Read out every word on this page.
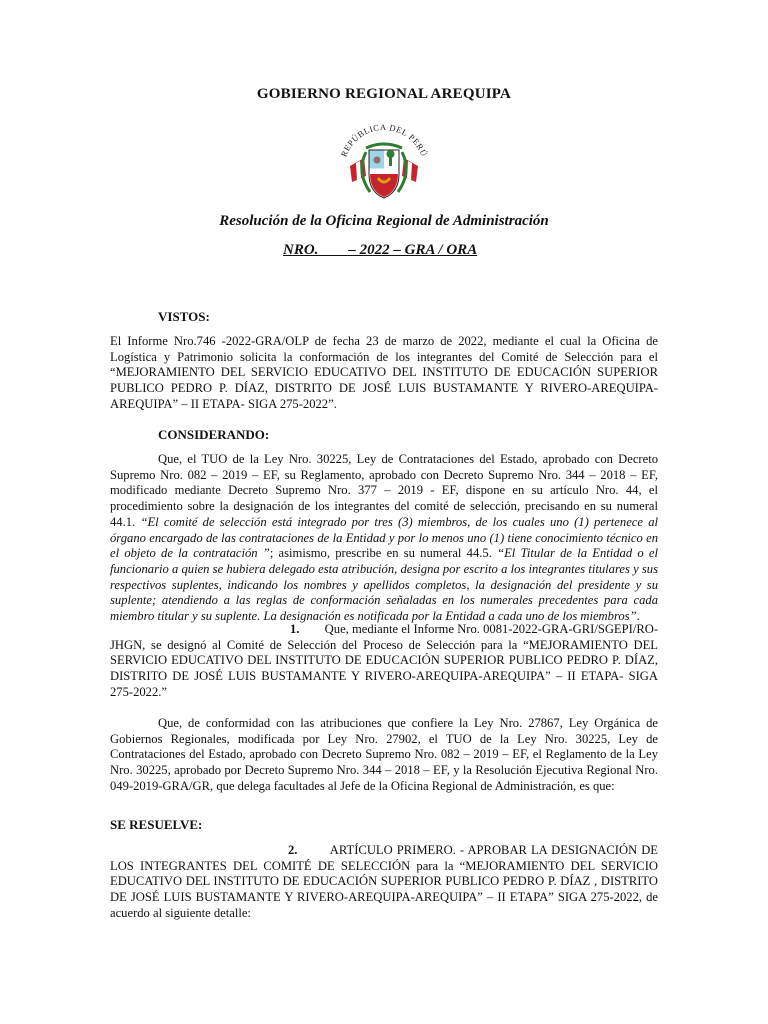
GOBIERNO REGIONAL AREQUIPA
REPÚBLICA DEL PERÚ
Resolución de la Oficina Regional de Administración
NRO.        – 2022 – GRA / ORA
VISTOS:
El Informe Nro.746 -2022-GRA/OLP de fecha 23 de marzo de 2022, mediante el cual la Oficina de Logística y Patrimonio solicita la conformación de los integrantes del Comité de Selección para el “MEJORAMIENTO DEL SERVICIO EDUCATIVO DEL INSTITUTO DE EDUCACIÓN SUPERIOR PUBLICO PEDRO P. DÍAZ, DISTRITO DE JOSÉ LUIS BUSTAMANTE Y RIVERO-AREQUIPA-AREQUIPA” – II ETAPA- SIGA 275-2022”.
CONSIDERANDO:
Que, el TUO de la Ley Nro. 30225, Ley de Contrataciones del Estado, aprobado con Decreto Supremo Nro. 082 – 2019 – EF, su Reglamento, aprobado con Decreto Supremo Nro. 344 – 2018 – EF, modificado mediante Decreto Supremo Nro. 377 – 2019 - EF, dispone en su artículo Nro. 44, el procedimiento sobre la designación de los integrantes del comité de selección, precisando en su numeral 44.1. “El comité de selección está integrado por tres (3) miembros, de los cuales uno (1) pertenece al órgano encargado de las contrataciones de la Entidad y por lo menos uno (1) tiene conocimiento técnico en el objeto de la contratación ”; asimismo, prescribe en su numeral 44.5. “El Titular de la Entidad o el funcionario a quien se hubiera delegado esta atribución, designa por escrito a los integrantes titulares y sus respectivos suplentes, indicando los nombres y apellidos completos, la designación del presidente y su suplente; atendiendo a las reglas de conformación señaladas en los numerales precedentes para cada miembro titular y su suplente. La designación es notificada por la Entidad a cada uno de los miembros”.
1. Que, mediante el Informe Nro. 0081-2022-GRA-GRI/SGEPI/RO-JHGN, se designó al Comité de Selección del Proceso de Selección para la “MEJORAMIENTO DEL SERVICIO EDUCATIVO DEL INSTITUTO DE EDUCACIÓN SUPERIOR PUBLICO PEDRO P. DÍAZ, DISTRITO DE JOSÉ LUIS BUSTAMANTE Y RIVERO-AREQUIPA-AREQUIPA” – II ETAPA- SIGA 275-2022.”
Que, de conformidad con las atribuciones que confiere la Ley Nro. 27867, Ley Orgánica de Gobiernos Regionales, modificada por Ley Nro. 27902, el TUO de la Ley Nro. 30225, Ley de Contrataciones del Estado, aprobado con Decreto Supremo Nro. 082 – 2019 – EF, el Reglamento de la Ley Nro. 30225, aprobado por Decreto Supremo Nro. 344 – 2018 – EF, y la Resolución Ejecutiva Regional Nro. 049-2019-GRA/GR, que delega facultades al Jefe de la Oficina Regional de Administración, es que:
SE RESUELVE:
2.	ARTÍCULO PRIMERO. - APROBAR LA DESIGNACIÓN DE LOS INTEGRANTES DEL COMITÉ DE SELECCIÓN para la “MEJORAMIENTO DEL SERVICIO EDUCATIVO DEL INSTITUTO DE EDUCACIÓN SUPERIOR PUBLICO PEDRO P. DÍAZ , DISTRITO DE JOSÉ LUIS BUSTAMANTE Y RIVERO-AREQUIPA-AREQUIPA” – II ETAPA” SIGA 275-2022, de acuerdo al siguiente detalle:
